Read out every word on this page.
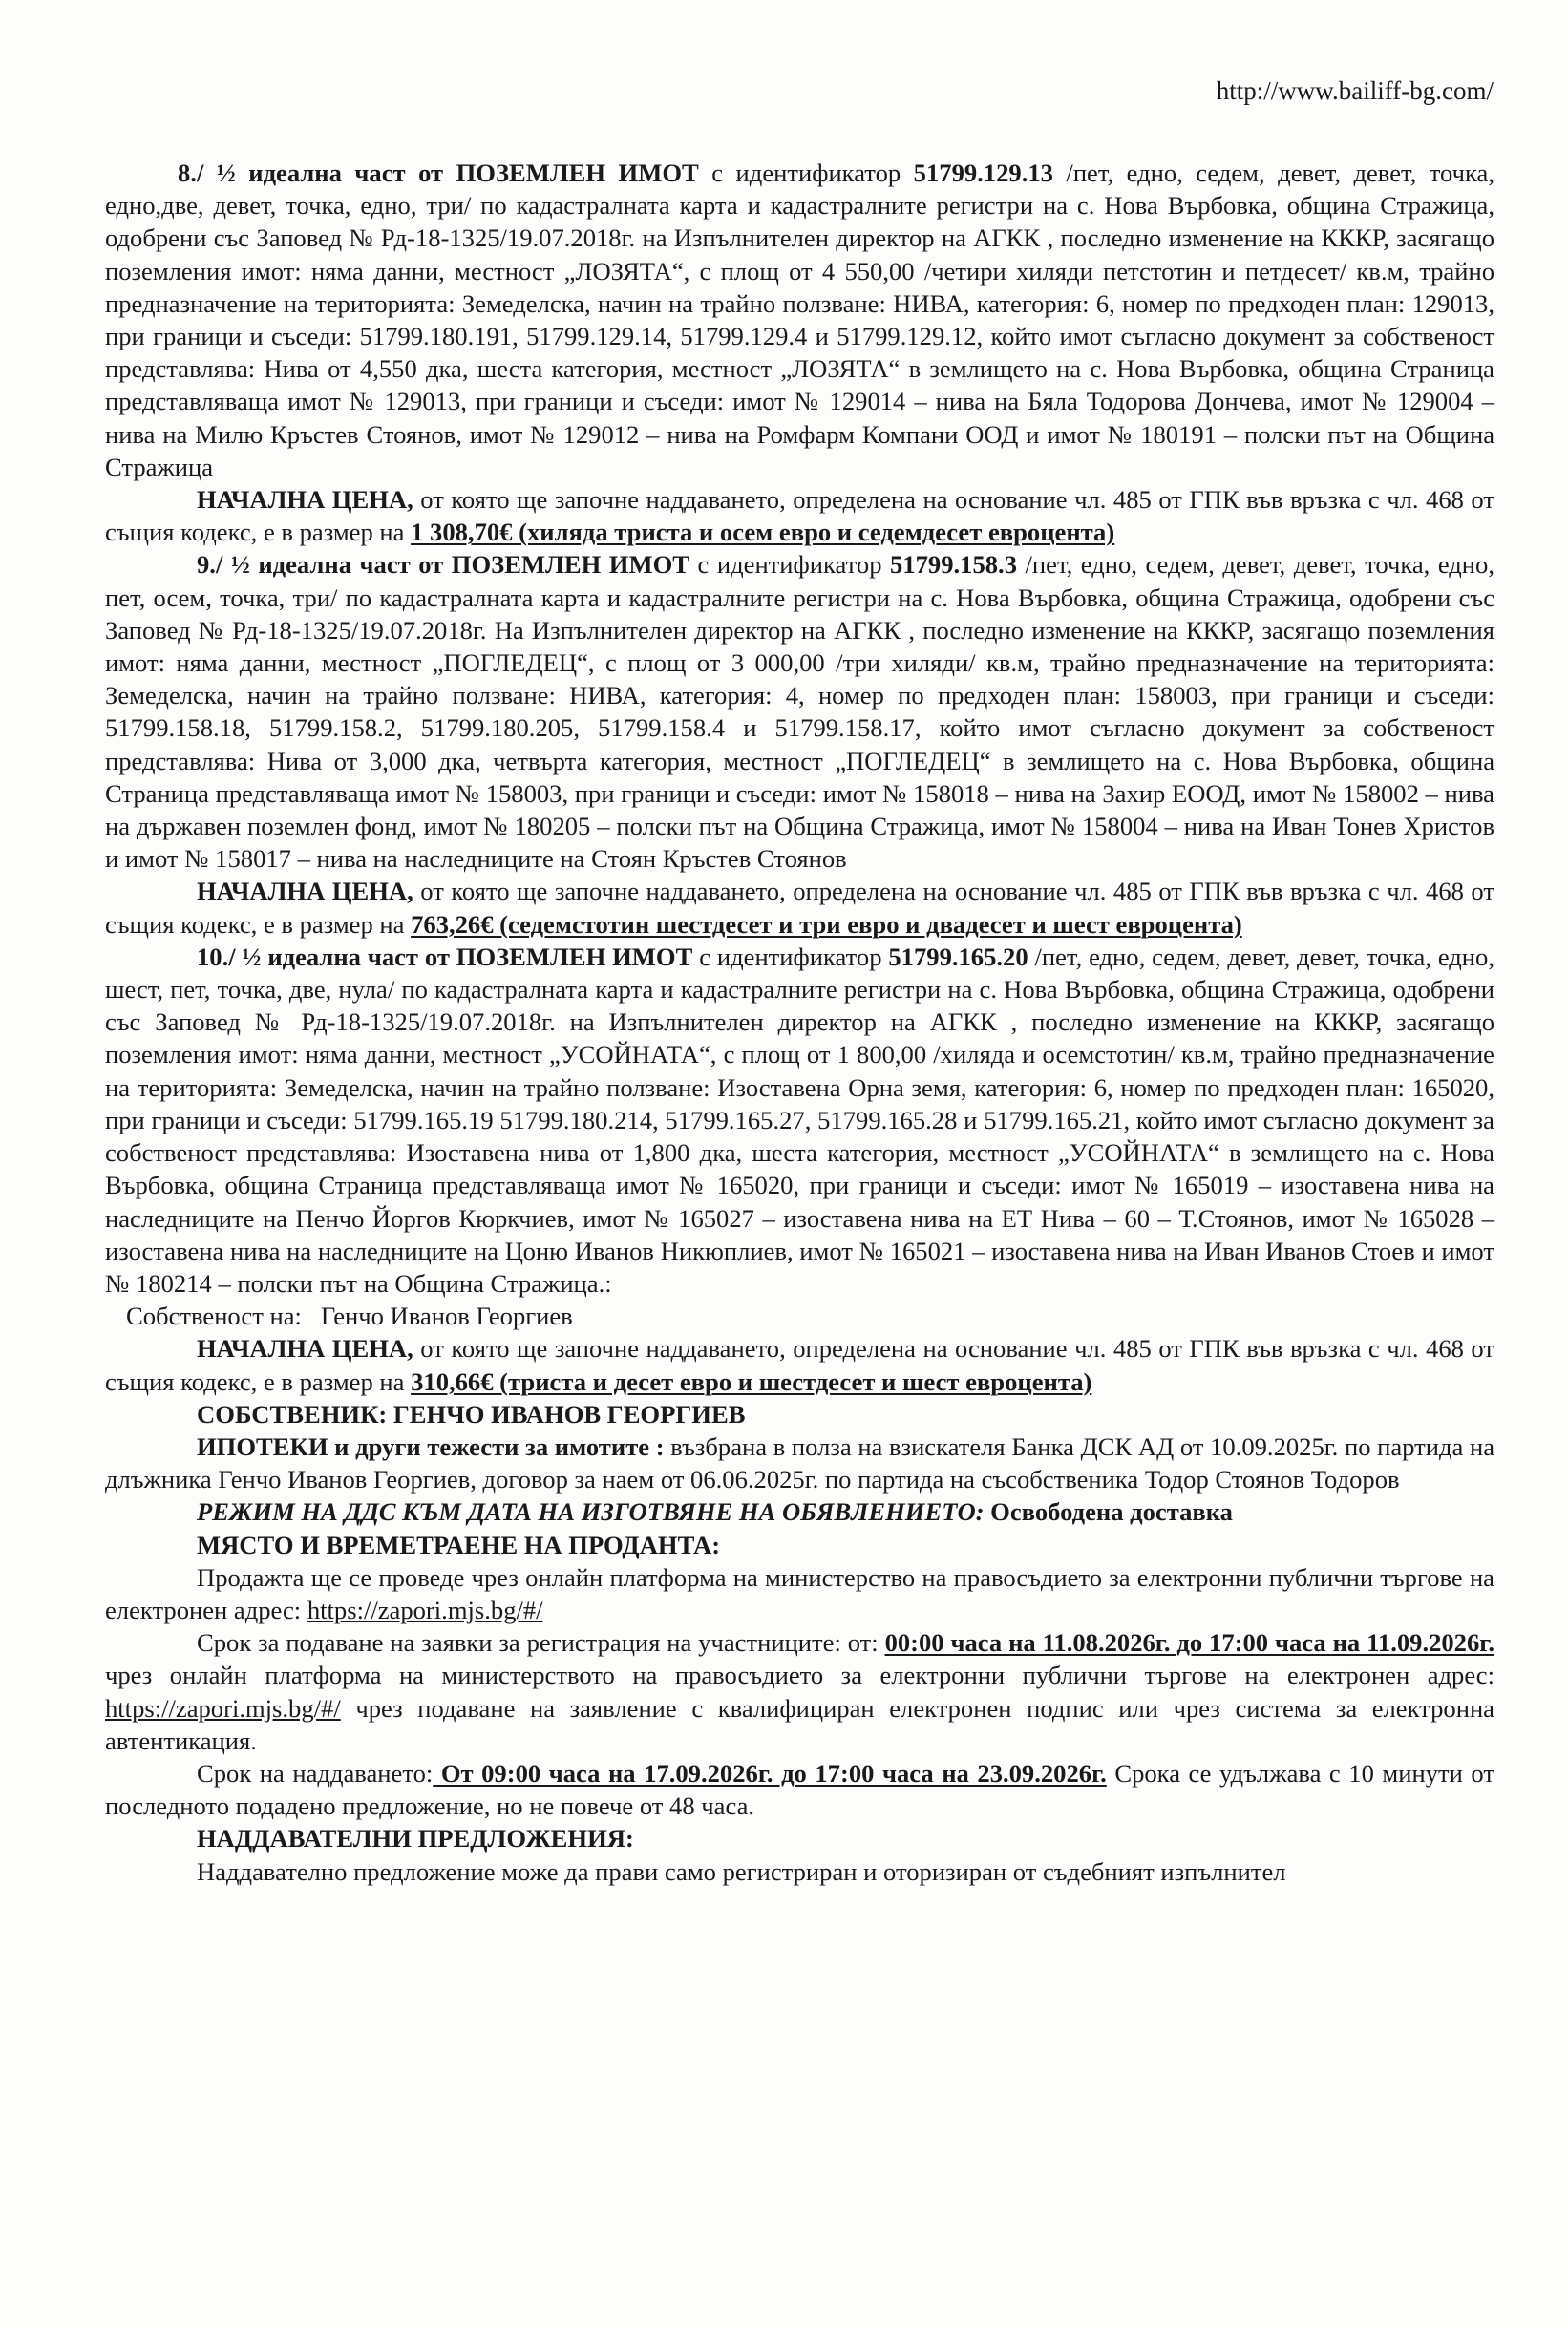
http://www.bailiff-bg.com/

8./ ½ идеална част от ПОЗЕМЛЕН ИМОТ с идентификатор 51799.129.13 /пет, едно, седем, девет, девет, точка, едно,две, девет, точка, едно, три/ по кадастралната карта и кадастралните регистри на с. Нова Върбовка, община Стражица, одобрени със Заповед № Рд-18-1325/19.07.2018г. на Изпълнителен директор на АГКК , последно изменение на КККР, засягащо поземления имот: няма данни, местност „ЛОЗЯТА“, с площ от 4 550,00 /четири хиляди петстотин и петдесет/ кв.м, трайно предназначение на територията: Земеделска, начин на трайно ползване: НИВА, категория: 6, номер по предходен план: 129013, при граници и съседи: 51799.180.191, 51799.129.14, 51799.129.4 и 51799.129.12, който имот съгласно документ за собственост представлява: Нива от 4,550 дка, шеста категория, местност „ЛОЗЯТА“ в землището на с. Нова Върбовка, община Страница представляваща имот № 129013, при граници и съседи: имот № 129014 – нива на Бяла Тодорова Дончева, имот № 129004 – нива на Милю Кръстев Стоянов, имот № 129012 – нива на Ромфарм Компани ООД и имот № 180191 – полски път на Община Стражица

НАЧАЛНА ЦЕНА, от която ще започне наддаването, определена на основание чл. 485 от ГПК във връзка с чл. 468 от същия кодекс, е в размер на 1 308,70€ (хиляда триста и осем евро и седемдесет евроцента)

9./ ½ идеална част от ПОЗЕМЛЕН ИМОТ с идентификатор 51799.158.3 /пет, едно, седем, девет, девет, точка, едно, пет, осем, точка, три/ по кадастралната карта и кадастралните регистри на с. Нова Върбовка, община Стражица, одобрени със Заповед № Рд-18-1325/19.07.2018г. На Изпълнителен директор на АГКК , последно изменение на КККР, засягащо поземления имот: няма данни, местност „ПОГЛЕДЕЦ“, с площ от 3 000,00 /три хиляди/ кв.м, трайно предназначение на територията: Земеделска, начин на трайно ползване: НИВА, категория: 4, номер по предходен план: 158003, при граници и съседи: 51799.158.18, 51799.158.2, 51799.180.205, 51799.158.4 и 51799.158.17, който имот съгласно документ за собственост представлява: Нива от 3,000 дка, четвърта категория, местност „ПОГЛЕДЕЦ“ в землището на с. Нова Върбовка, община Страница представляваща имот № 158003, при граници и съседи: имот № 158018 – нива на Захир ЕООД, имот № 158002 – нива на държавен поземлен фонд, имот № 180205 – полски път на Община Стражица, имот № 158004 – нива на Иван Тонев Христов и имот № 158017 – нива на наследниците на Стоян Кръстев Стоянов

НАЧАЛНА ЦЕНА, от която ще започне наддаването, определена на основание чл. 485 от ГПК във връзка с чл. 468 от същия кодекс, е в размер на 763,26€ (седемстотин шестдесет и три евро и двадесет и шест евроцента)

10./ ½ идеална част от ПОЗЕМЛЕН ИМОТ с идентификатор 51799.165.20 /пет, едно, седем, девет, девет, точка, едно, шест, пет, точка, две, нула/ по кадастралната карта и кадастралните регистри на с. Нова Върбовка, община Стражица, одобрени със Заповед № Рд-18-1325/19.07.2018г. на Изпълнителен директор на АГКК , последно изменение на КККР, засягащо поземления имот: няма данни, местност „УСОЙНАТА“, с площ от 1 800,00 /хиляда и осемстотин/ кв.м, трайно предназначение на територията: Земеделска, начин на трайно ползване: Изоставена Орна земя, категория: 6, номер по предходен план: 165020, при граници и съседи: 51799.165.19 51799.180.214, 51799.165.27, 51799.165.28 и 51799.165.21, който имот съгласно документ за собственост представлява: Изоставена нива от 1,800 дка, шеста категория, местност „УСОЙНАТА“ в землището на с. Нова Върбовка, община Страница представляваща имот № 165020, при граници и съседи: имот № 165019 – изоставена нива на наследниците на Пенчо Йоргов Кюркчиев, имот № 165027 – изоставена нива на ЕТ Нива – 60 – Т.Стоянов, имот № 165028 – изоставена нива на наследниците на Цоню Иванов Никюплиев, имот № 165021 – изоставена нива на Иван Иванов Стоев и имот № 180214 – полски път на Община Стражица.:

Собственост на: Генчо Иванов Георгиев

НАЧАЛНА ЦЕНА, от която ще започне наддаването, определена на основание чл. 485 от ГПК във връзка с чл. 468 от същия кодекс, е в размер на 310,66€ (триста и десет евро и шестдесет и шест евроцента)

СОБСТВЕНИК: ГЕНЧО ИВАНОВ ГЕОРГИЕВ

ИПОТЕКИ и други тежести за имотите : възбрана в полза на взискателя Банка ДСК АД от 10.09.2025г. по партида на длъжника Генчо Иванов Георгиев, договор за наем от 06.06.2025г. по партида на съсобственика Тодор Стоянов Тодоров

РЕЖИМ НА ДДС КЪМ ДАТА НА ИЗГОТВЯНЕ НА ОБЯВЛЕНИЕТО: Освободена доставка

МЯСТО И ВРЕМЕТРАЕНЕ НА ПРОДАНТА:

Продажта ще се проведе чрез онлайн платформа на министерство на правосъдието за електронни публични търгове на електронен адрес: https://zapori.mjs.bg/#/

Срок за подаване на заявки за регистрация на участниците: от: 00:00 часа на 11.08.2026г. до 17:00 часа на 11.09.2026г. чрез онлайн платформа на министерството на правосъдието за електронни публични търгове на електронен адрес: https://zapori.mjs.bg/#/ чрез подаване на заявление с квалифициран електронен подпис или чрез система за електронна автентикация.

Срок на наддаването: От 09:00 часа на 17.09.2026г. до 17:00 часа на 23.09.2026г. Срока се удължава с 10 минути от последното подадено предложение, но не повече от 48 часа.

НАДДАВАТЕЛНИ ПРЕДЛОЖЕНИЯ:

Наддавателно предложение може да прави само регистриран и оторизиран от съдебният изпълнител
